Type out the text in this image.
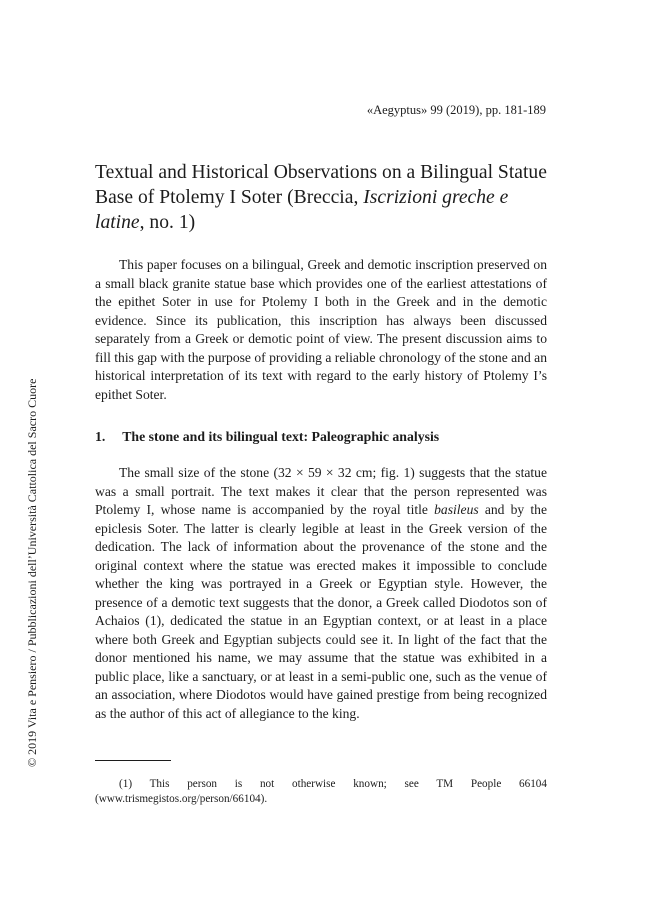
«Aegyptus» 99 (2019), pp. 181-189
Textual and Historical Observations on a Bilingual Statue Base of Ptolemy I Soter (Breccia, Iscrizioni greche e latine, no. 1)

This paper focuses on a bilingual, Greek and demotic inscription preserved on a small black granite statue base which provides one of the earliest attestations of the epithet Soter in use for Ptolemy I both in the Greek and in the demotic evidence. Since its publication, this inscription has always been discussed separately from a Greek or demotic point of view. The present discussion aims to fill this gap with the purpose of providing a reliable chronology of the stone and an historical interpretation of its text with regard to the early history of Ptolemy I’s epithet Soter.

1. The stone and its bilingual text: Paleographic analysis

The small size of the stone (32 × 59 × 32 cm; fig. 1) suggests that the statue was a small portrait. The text makes it clear that the person represented was Ptolemy I, whose name is accompanied by the royal title basileus and by the epiclesis Soter. The latter is clearly legible at least in the Greek version of the dedication. The lack of information about the provenance of the stone and the original context where the statue was erected makes it impossible to conclude whether the king was portrayed in a Greek or Egyptian style. However, the presence of a demotic text suggests that the donor, a Greek called Diodotos son of Achaios (1), dedicated the statue in an Egyptian context, or at least in a place where both Greek and Egyptian subjects could see it. In light of the fact that the donor mentioned his name, we may assume that the statue was exhibited in a public place, like a sanctuary, or at least in a semi-public one, such as the venue of an association, where Diodotos would have gained prestige from being recognized as the author of this act of allegiance to the king.

(1) This person is not otherwise known; see TM People 66104 (www.trismegistos.org/person/66104).

© 2019 Vita e Pensiero / Pubblicazioni dell’Università Cattolica del Sacro Cuore
